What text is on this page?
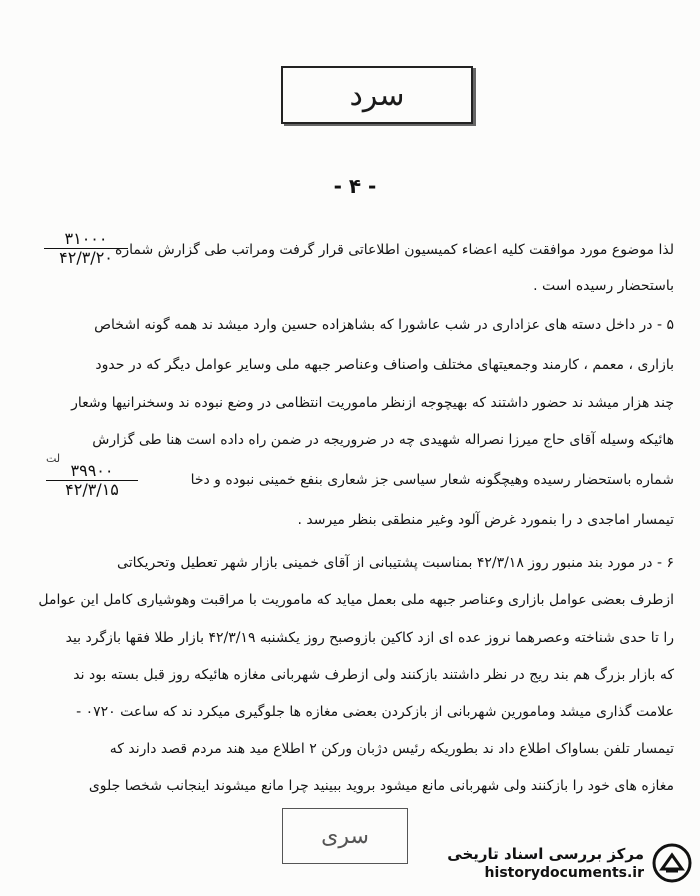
سرد
- ۴ -
لذا موضوع مورد موافقت کلیه اعضاء کمیسیون اطلاعاتی قرار گرفت ومراتب طی گزارش شماره
۳۱۰۰۰
۴۲/۳/۲۰
باستحضار رسیده است .
۵ - در داخل دسته های عزاداری در شب عاشورا که بشاهزاده حسین وارد میشد ند همه گونه اشخاص
بازاری ، معمم ، کارمند وجمعیتهای مختلف واصناف وعناصر جبهه ملی وسایر عوامل دیگر که در حدود
چند هزار میشد ند حضور داشتند که بهیچوجه ازنظر ماموریت انتظامی در وضع نبوده ند وسخنرانیها وشعار
هائیکه وسیله آقای حاج میرزا نصراله شهیدی چه در ضروریجه در ضمن راه داده است هنا طی گزارش
لت
شماره باستحضار رسیده وهیچگونه شعار سیاسی جز شعاری بنفع خمینی نبوده و دخا
۳۹۹۰۰
۴۲/۳/۱۵
تیمسار اماجدی د را بنمورد غرض آلود وغیر منطقی بنظر میرسد .
۶ - در مورد بند منبور روز ۴۲/۳/۱۸ بمناسبت پشتیبانی از آقای خمینی بازار شهر تعطیل وتحریکاتی
ازطرف بعضی عوامل بازاری وعناصر جبهه ملی بعمل میاید که ماموریت با مراقبت وهوشیاری کامل این عوامل
را تا حدی شناخته وعصرهما نروز عده ای ازد کاکین بازوصبح روز یکشنبه ۴۲/۳/۱۹ بازار طلا فقها بازگرد بید
که بازار بزرگ هم بند ریج در نظر داشتند بازکنند ولی ازطرف شهربانی مغازه هائیکه روز قبل بسته بود ند
علامت گذاری میشد ومامورین شهربانی از بازکردن بعضی مغازه ها جلوگیری میکرد ند که ساعت ۰۷۲۰ -
تیمسار تلفن بساواک اطلاع داد ند بطوریکه رئیس دژبان ورکن ۲ اطلاع مید هند مردم قصد دارند که
مغازه های خود را بازکنند ولی شهربانی مانع میشود بروید ببینید چرا مانع میشوند اینجانب شخصا جلوی
سری
مرکز بررسی اسناد تاریخی
historydocuments.ir
